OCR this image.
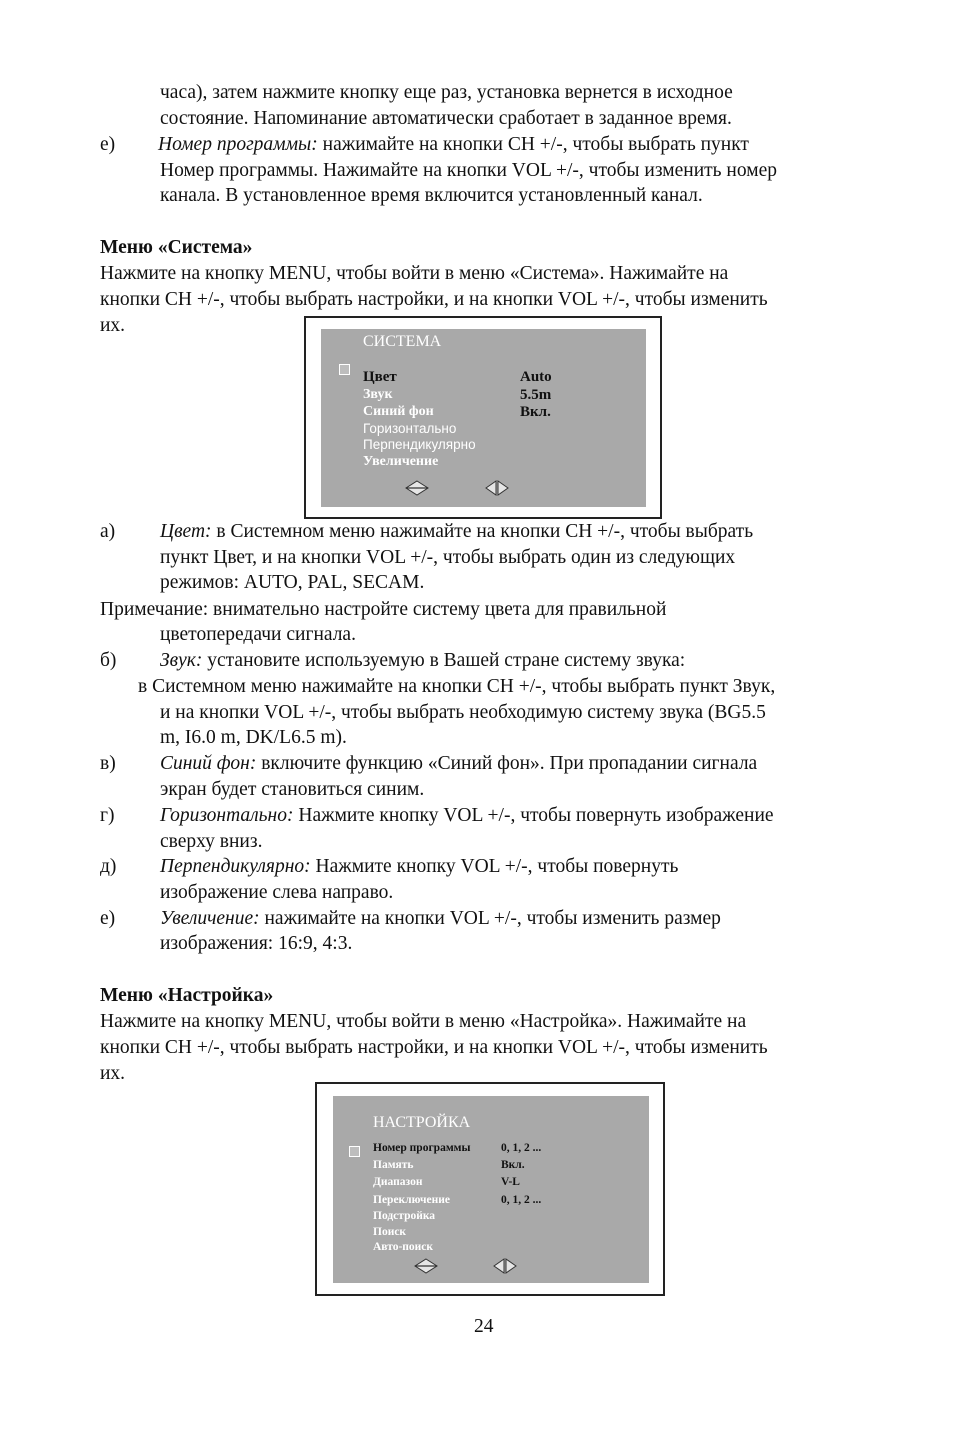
часа), затем нажмите кнопку еще раз, установка вернется в исходное
состояние. Напоминание автоматически сработает в заданное время.
е) Номер программы: нажимайте на кнопки CH +/-, чтобы выбрать пункт
Номер программы. Нажимайте на кнопки VOL +/-, чтобы изменить номер
канала. В установленное время включится установленный канал.
Меню «Система»
Нажмите на кнопку MENU, чтобы войти в меню «Система». Нажимайте на
кнопки CH +/-, чтобы выбрать настройки, и на кнопки VOL +/-, чтобы изменить
их.
СИСТЕМА
Цвет
Звук
Синий фон
Горизонтально
Перпендикулярно
Увеличение
Auto
5.5m
Вкл.
а) Цвет: в Системном меню нажимайте на кнопки CH +/-, чтобы выбрать
пункт Цвет, и на кнопки VOL +/-, чтобы выбрать один из следующих
режимов: AUTO, PAL, SECAM.
Примечание: внимательно настройте систему цвета для правильной
цветопередачи сигнала.
б) Звук: установите используемую в Вашей стране систему звука:
в Системном меню нажимайте на кнопки CH +/-, чтобы выбрать пункт Звук,
и на кнопки VOL +/-, чтобы выбрать необходимую систему звука (BG5.5
m, I6.0 m, DK/L6.5 m).
в) Синий фон: включите функцию «Синий фон». При пропадании сигнала
экран будет становиться синим.
г) Горизонтально: Нажмите кнопку VOL +/-, чтобы повернуть изображение
сверху вниз.
д) Перпендикулярно: Нажмите кнопку VOL +/-, чтобы повернуть
изображение слева направо.
е) Увеличение: нажимайте на кнопки VOL +/-, чтобы изменить размер
изображения: 16:9, 4:3.
Меню «Настройка»
Нажмите на кнопку MENU, чтобы войти в меню «Настройка». Нажимайте на
кнопки CH +/-, чтобы выбрать настройки, и на кнопки VOL +/-, чтобы изменить
их.
НАСТРОЙКА
Номер программы
Память
Диапазон
Переключение
Подстройка
Поиск
Авто-поиск
0, 1, 2 ...
Вкл.
V-L
0, 1, 2 ...
24
